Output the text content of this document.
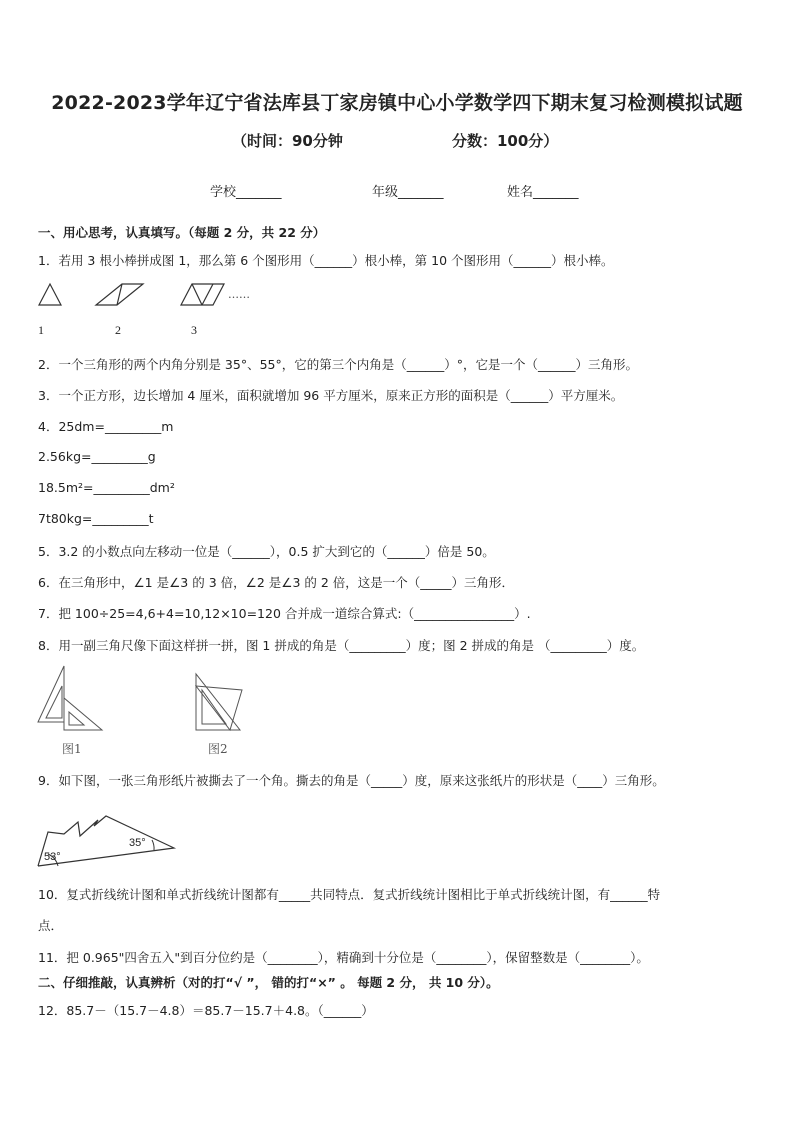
2022-2023学年辽宁省法库县丁家房镇中心小学数学四下期末复习检测模拟试题
（时间：90分钟	分数：100分）
学校_______	年级_______	姓名_______
一、用心思考，认真填写。（每题 2 分，共 22 分）
1．若用 3 根小棒拼成图 1，那么第 6 个图形用（______）根小棒，第 10 个图形用（______）根小棒。
……
1	2	3
2．一个三角形的两个内角分别是 35°、55°，它的第三个内角是（______）°，它是一个（______）三角形。
3．一个正方形，边长增加 4 厘米，面积就增加 96 平方厘米，原来正方形的面积是（______）平方厘米。
4．25dm=_________m
2.56kg=_________g
18.5m²=_________dm²
7t80kg=_________t
5．3.2 的小数点向左移动一位是（______），0.5 扩大到它的（______）倍是 50。
6．在三角形中，∠1 是∠3 的 3 倍，∠2 是∠3 的 2 倍，这是一个（_____）三角形．
7．把 100÷25=4,6+4=10,12×10=120 合并成一道综合算式:（________________）.
8．用一副三角尺像下面这样拼一拼，图 1 拼成的角是（_________）度；图 2 拼成的角是 （_________）度。
图1	图2
9．如下图，一张三角形纸片被撕去了一个角。撕去的角是（_____）度，原来这张纸片的形状是（____）三角形。
53°
35°
10．复式折线统计图和单式折线统计图都有_____共同特点．复式折线统计图相比于单式折线统计图，有______特
点．
11．把 0.965"四舍五入"到百分位约是（________），精确到十分位是（________），保留整数是（________）。
二、仔细推敲，认真辨析（对的打“√ ”， 错的打“×” 。 每题 2 分， 共 10 分）。
12．85.7－（15.7－4.8）＝85.7－15.7＋4.8。（______）
